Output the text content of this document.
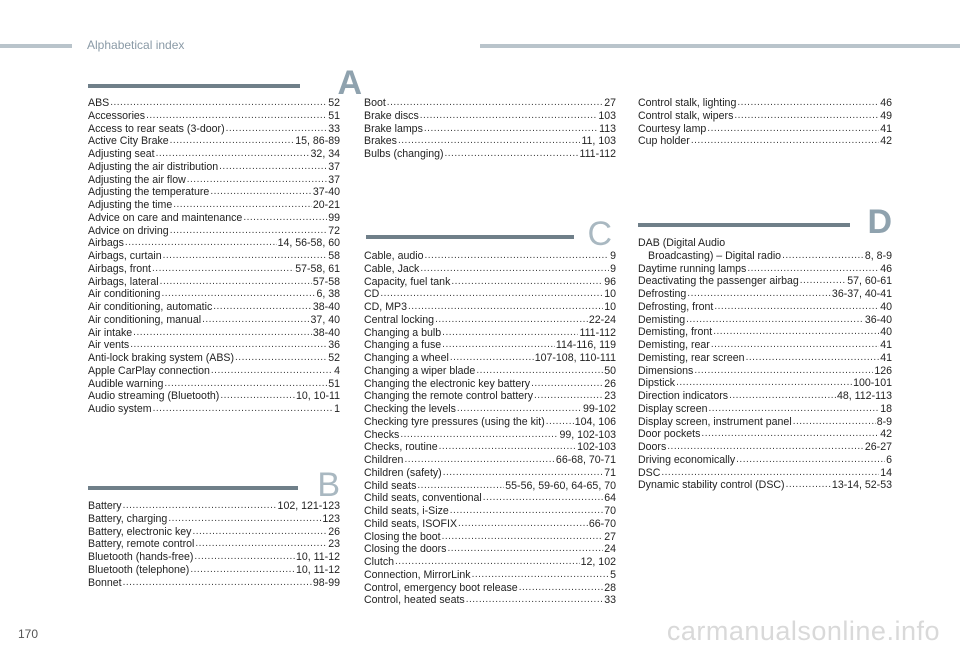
Alphabetical index
A
ABS .....	52
Accessories .....	51
Access to rear seats (3-door) .....	33
Active City Brake .....	15, 86-89
Adjusting seat .....	32, 34
Adjusting the air distribution .....	37
Adjusting the air flow .....	37
Adjusting the temperature .....	37-40
Adjusting the time .....	20-21
Advice on care and maintenance .....	99
Advice on driving .....	72
Airbags .....	14, 56-58, 60
Airbags, curtain .....	58
Airbags, front .....	57-58, 61
Airbags, lateral .....	57-58
Air conditioning .....	6, 38
Air conditioning, automatic .....	38-40
Air conditioning, manual .....	37, 40
Air intake .....	38-40
Air vents .....	36
Anti-lock braking system (ABS) .....	52
Apple CarPlay connection .....	4
Audible warning .....	51
Audio streaming (Bluetooth) .....	10, 10-11
Audio system .....	1
B
Battery .....	102, 121-123
Battery, charging .....	123
Battery, electronic key .....	26
Battery, remote control .....	23
Bluetooth (hands-free) .....	10, 11-12
Bluetooth (telephone) .....	10, 11-12
Bonnet .....	98-99
Boot .....	27
Brake discs .....	103
Brake lamps .....	113
Brakes .....	11, 103
Bulbs (changing) .....	111-112
C
Cable, audio .....	9
Cable, Jack .....	9
Capacity, fuel tank .....	96
CD .....	10
CD, MP3 .....	10
Central locking .....	22-24
Changing a bulb .....	111-112
Changing a fuse .....	114-116, 119
Changing a wheel .....	107-108, 110-111
Changing a wiper blade .....	50
Changing the electronic key battery .....	26
Changing the remote control battery .....	23
Checking the levels .....	99-102
Checking tyre pressures (using the kit) .....	104, 106
Checks .....	99, 102-103
Checks, routine .....	102-103
Children .....	66-68, 70-71
Children (safety) .....	71
Child seats .....	55-56, 59-60, 64-65, 70
Child seats, conventional .....	64
Child seats, i-Size .....	70
Child seats, ISOFIX .....	66-70
Closing the boot .....	27
Closing the doors .....	24
Clutch .....	12, 102
Connection, MirrorLink .....	5
Control, emergency boot release .....	28
Control, heated seats .....	33
Control stalk, lighting .....	46
Control stalk, wipers .....	49
Courtesy lamp .....	41
Cup holder .....	42
D
DAB (Digital Audio
Broadcasting) – Digital radio .....	8, 8-9
Daytime running lamps .....	46
Deactivating the passenger airbag .....	57, 60-61
Defrosting .....	36-37, 40-41
Defrosting, front .....	40
Demisting .....	36-40
Demisting, front .....	40
Demisting, rear .....	41
Demisting, rear screen .....	41
Dimensions .....	126
Dipstick .....	100-101
Direction indicators .....	48, 112-113
Display screen .....	18
Display screen, instrument panel .....	8-9
Door pockets .....	42
Doors .....	26-27
Driving economically .....	6
DSC .....	14
Dynamic stability control (DSC) .....	13-14, 52-53
170	carmanualsonline.info
